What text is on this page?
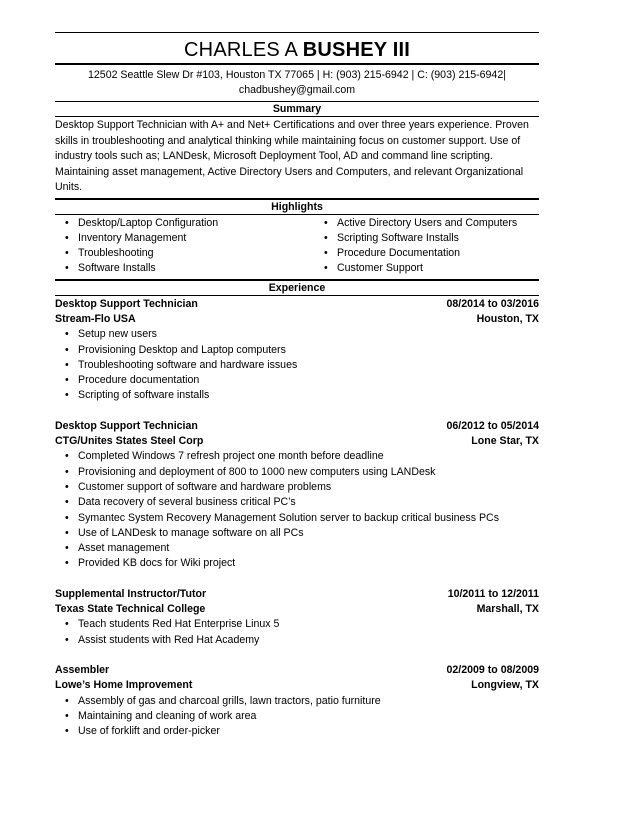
CHARLES A BUSHEY III
12502 Seattle Slew Dr #103, Houston TX 77065 | H: (903) 215-6942 | C: (903) 215-6942|
chadbushey@gmail.com
Summary
Desktop Support Technician with A+ and Net+ Certifications and over three years experience. Proven skills in troubleshooting and analytical thinking while maintaining focus on customer support. Use of industry tools such as; LANDesk, Microsoft Deployment Tool, AD and command line scripting. Maintaining asset management, Active Directory Users and Computers, and relevant Organizational Units.
Highlights
• Desktop/Laptop Configuration
• Inventory Management
• Troubleshooting
• Software Installs
• Active Directory Users and Computers
• Scripting Software Installs
• Procedure Documentation
• Customer Support
Experience
Desktop Support Technician	08/2014 to 03/2016
Stream-Flo USA	Houston, TX
• Setup new users
• Provisioning Desktop and Laptop computers
• Troubleshooting software and hardware issues
• Procedure documentation
• Scripting of software installs
Desktop Support Technician	06/2012 to 05/2014
CTG/Unites States Steel Corp	Lone Star, TX
• Completed Windows 7 refresh project one month before deadline
• Provisioning and deployment of 800 to 1000 new computers using LANDesk
• Customer support of software and hardware problems
• Data recovery of several business critical PC’s
• Symantec System Recovery Management Solution server to backup critical business PCs
• Use of LANDesk to manage software on all PCs
• Asset management
• Provided KB docs for Wiki project
Supplemental Instructor/Tutor	10/2011 to 12/2011
Texas State Technical College	Marshall, TX
• Teach students Red Hat Enterprise Linux 5
• Assist students with Red Hat Academy
Assembler	02/2009 to 08/2009
Lowe’s Home Improvement	Longview, TX
• Assembly of gas and charcoal grills, lawn tractors, patio furniture
• Maintaining and cleaning of work area
• Use of forklift and order-picker
